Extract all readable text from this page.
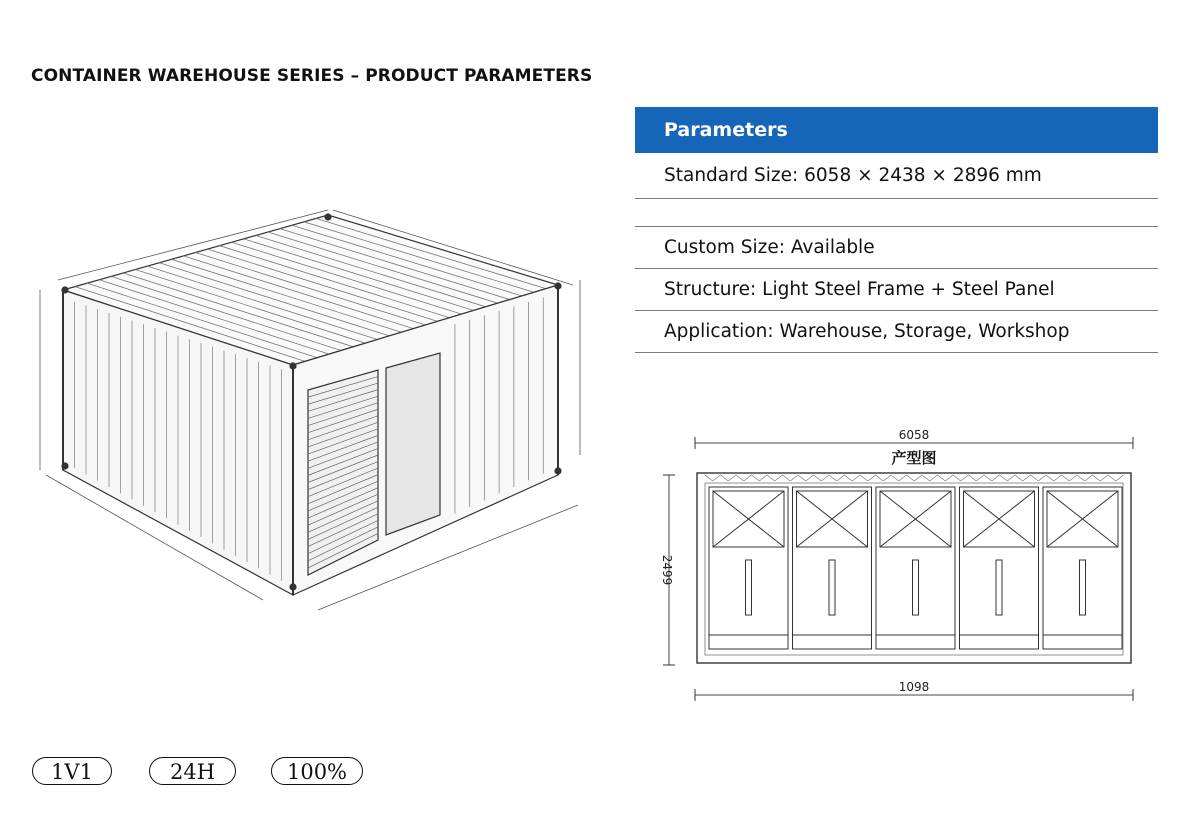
CONTAINER WAREHOUSE SERIES – PRODUCT PARAMETERS
Parameters
Standard Size: 6058 × 2438 × 2896 mm
Custom Size: Available
Structure: Light Steel Frame + Steel Panel
Application: Warehouse, Storage, Workshop
6058
产型图
2499
1098
1V1	24H	100%
